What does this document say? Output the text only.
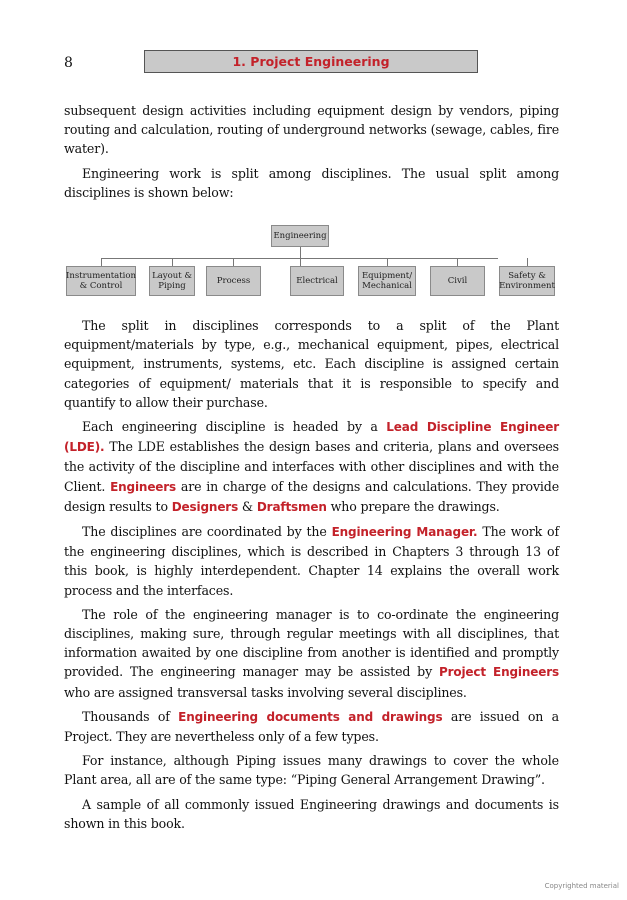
8	1. Project Engineering

subsequent design activities including equipment design by vendors, piping routing and calculation, routing of underground networks (sewage, cables, fire water).

Engineering work is split among disciplines. The usual split among disciplines is shown below:

Engineering
Instrumentation & Control
Layout & Piping	Process	Electrical	Equipment/ Mechanical	Civil	Safety & Environment

The split in disciplines corresponds to a split of the Plant equipment/materials by type, e.g., mechanical equipment, pipes, electrical equipment, instruments, systems, etc. Each discipline is assigned certain categories of equipment/ materials that it is responsible to specify and quantify to allow their purchase.

Each engineering discipline is headed by a Lead Discipline Engineer (LDE). The LDE establishes the design bases and criteria, plans and oversees the activity of the discipline and interfaces with other disciplines and with the Client. Engineers are in charge of the designs and calculations. They provide design results to Designers & Draftsmen who prepare the drawings.

The disciplines are coordinated by the Engineering Manager. The work of the engineering disciplines, which is described in Chapters 3 through 13 of this book, is highly interdependent. Chapter 14 explains the overall work process and the interfaces.

The role of the engineering manager is to co-ordinate the engineering disciplines, making sure, through regular meetings with all disciplines, that information awaited by one discipline from another is identified and promptly provided. The engineering manager may be assisted by Project Engineers who are assigned transversal tasks involving several disciplines.

Thousands of Engineering documents and drawings are issued on a Project. They are nevertheless only of a few types.

For instance, although Piping issues many drawings to cover the whole Plant area, all are of the same type: “Piping General Arrangement Drawing”.

A sample of all commonly issued Engineering drawings and documents is shown in this book.

Copyrighted material
